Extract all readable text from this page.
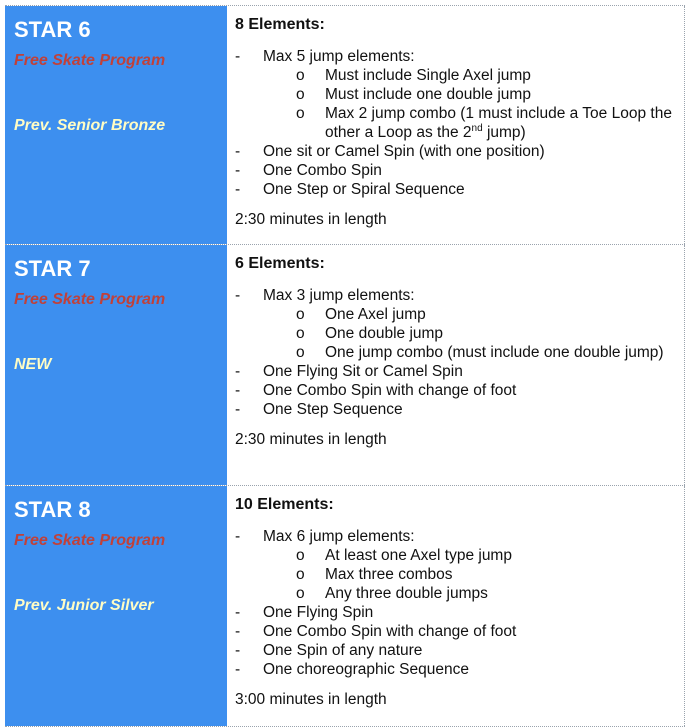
STAR 6
Free Skate Program
Prev. Senior Bronze
8 Elements:
- Max 5 jump elements:
o Must include Single Axel jump
o Must include one double jump
o Max 2 jump combo (1 must include a Toe Loop the other a Loop as the 2nd jump)
- One sit or Camel Spin (with one position)
- One Combo Spin
- One Step or Spiral Sequence
2:30 minutes in length
STAR 7
Free Skate Program
NEW
6 Elements:
- Max 3 jump elements:
o One Axel jump
o One double jump
o One jump combo (must include one double jump)
- One Flying Sit or Camel Spin
- One Combo Spin with change of foot
- One Step Sequence
2:30 minutes in length
STAR 8
Free Skate Program
Prev. Junior Silver
10 Elements:
- Max 6 jump elements:
o At least one Axel type jump
o Max three combos
o Any three double jumps
- One Flying Spin
- One Combo Spin with change of foot
- One Spin of any nature
- One choreographic Sequence
3:00 minutes in length
